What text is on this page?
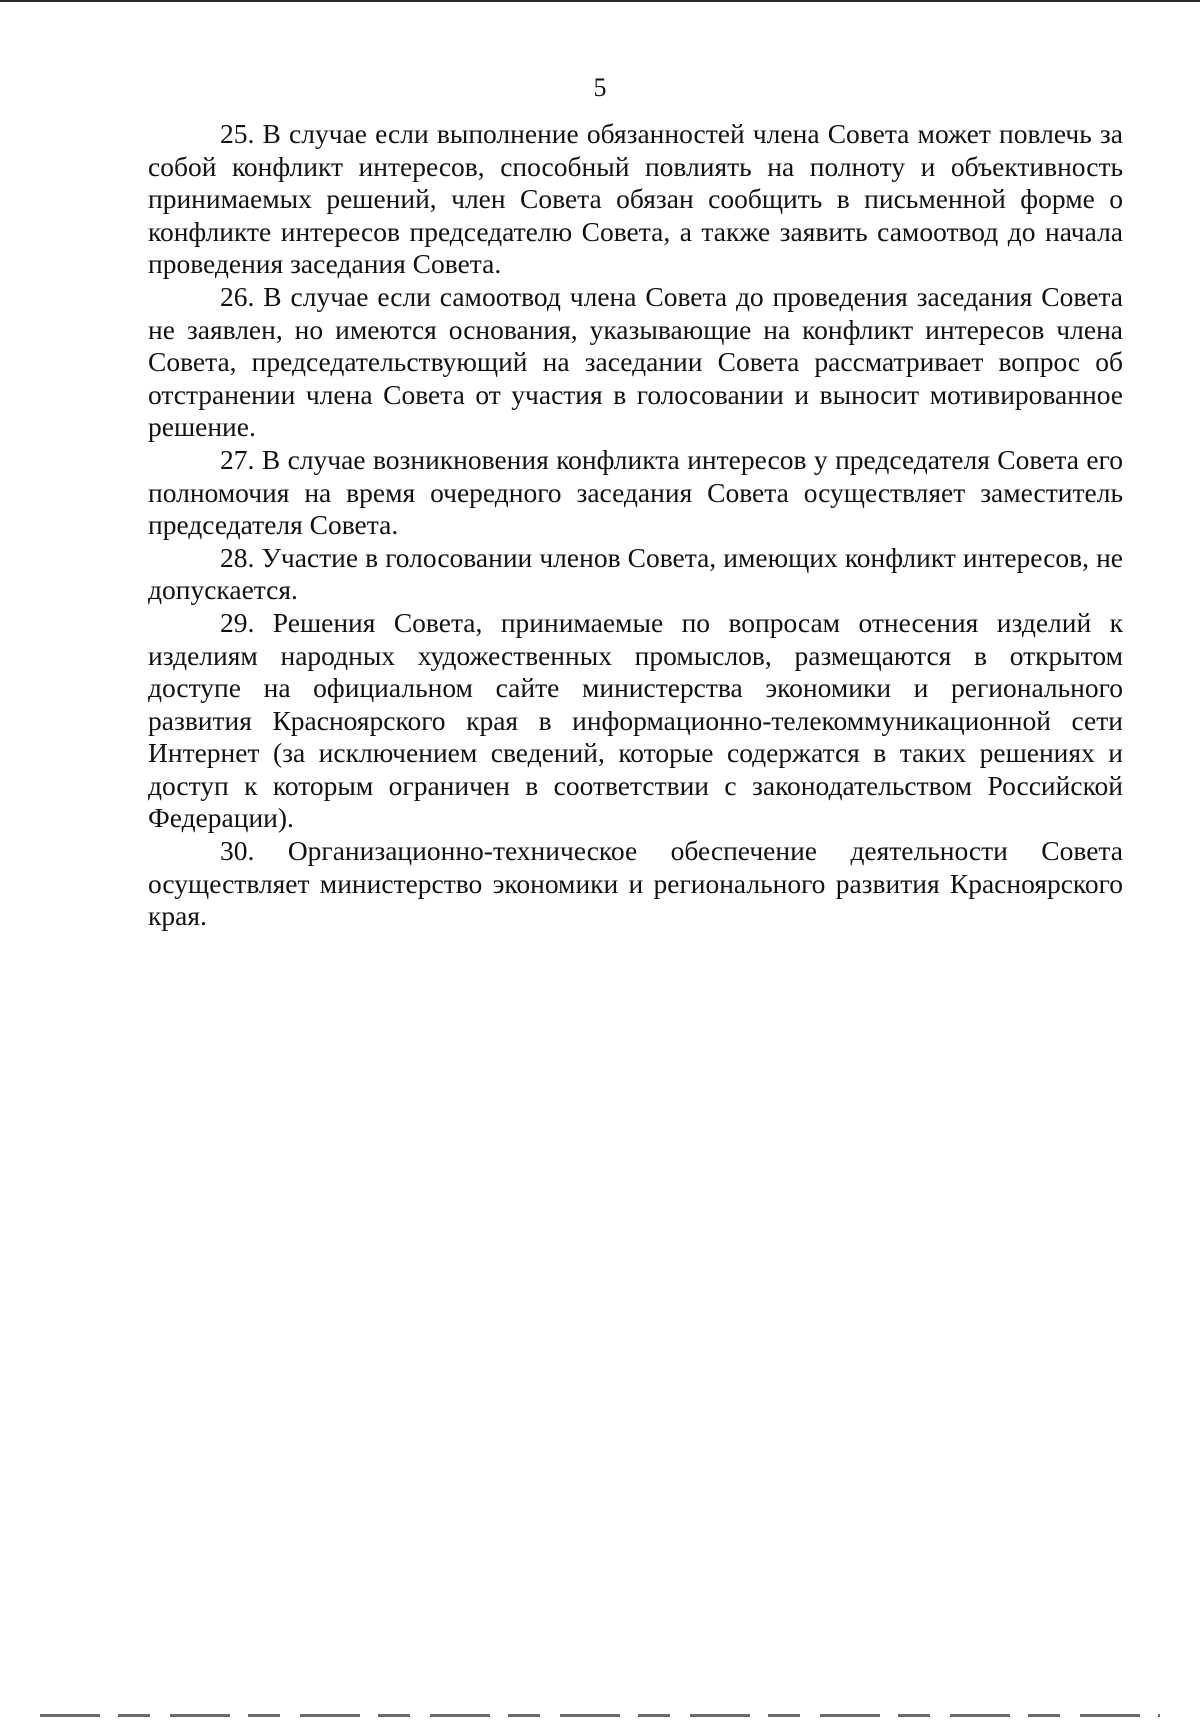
5

25. В случае если выполнение обязанностей члена Совета может повлечь за собой конфликт интересов, способный повлиять на полноту и объективность принимаемых решений, член Совета обязан сообщить в письменной форме о конфликте интересов председателю Совета, а также заявить самоотвод до начала проведения заседания Совета.

26. В случае если самоотвод члена Совета до проведения заседания Совета не заявлен, но имеются основания, указывающие на конфликт интересов члена Совета, председательствующий на заседании Совета рассматривает вопрос об отстранении члена Совета от участия в голосовании и выносит мотивированное решение.

27. В случае возникновения конфликта интересов у председателя Совета его полномочия на время очередного заседания Совета осуществляет заместитель председателя Совета.

28. Участие в голосовании членов Совета, имеющих конфликт интересов, не допускается.

29. Решения Совета, принимаемые по вопросам отнесения изделий к изделиям народных художественных промыслов, размещаются в открытом доступе на официальном сайте министерства экономики и регионального развития Красноярского края в информационно-телекоммуникационной сети Интернет (за исключением сведений, которые содержатся в таких решениях и доступ к которым ограничен в соответствии с законодательством Российской Федерации).

30. Организационно-техническое обеспечение деятельности Совета осуществляет министерство экономики и регионального развития Красноярского края.
